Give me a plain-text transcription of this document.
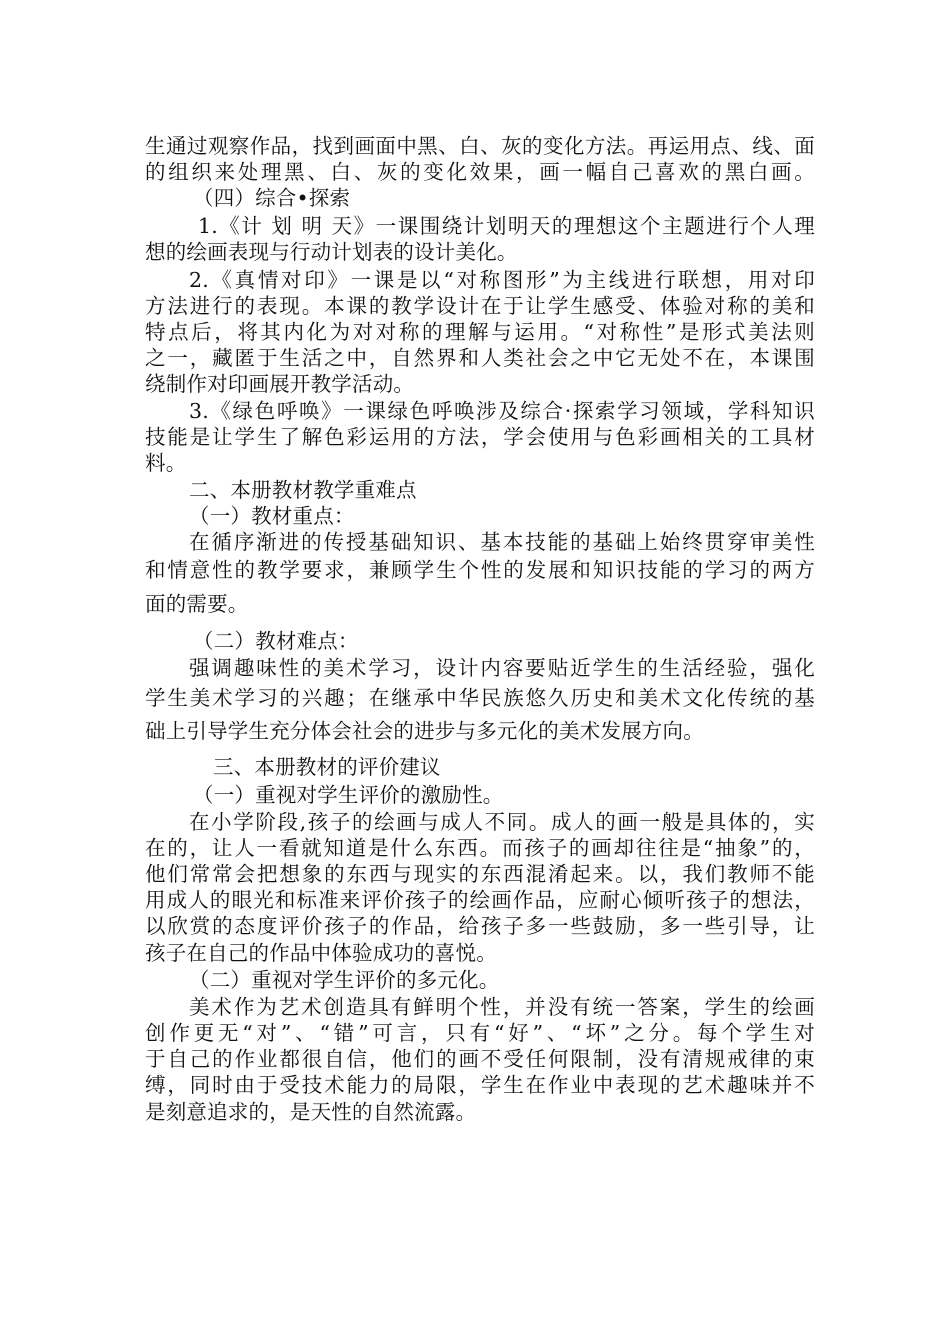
生通过观察作品，找到画面中黑、白、灰的变化方法。再运用点、线、面
的组织来处理黑、白、灰的变化效果，画一幅自己喜欢的黑白画。
（四）综合•探索
1.《计 划 明 天》一课围绕计划明天的理想这个主题进行个人理
想的绘画表现与行动计划表的设计美化。
2.《真情对印》一课是以“对称图形”为主线进行联想，用对印
方法进行的表现。本课的教学设计在于让学生感受、体验对称的美和
特点后，将其内化为对对称的理解与运用。“对称性”是形式美法则
之一，藏匿于生活之中，自然界和人类社会之中它无处不在，本课围
绕制作对印画展开教学活动。
3.《绿色呼唤》一课绿色呼唤涉及综合·探索学习领域，学科知识
技能是让学生了解色彩运用的方法，学会使用与色彩画相关的工具材
料。
二、本册教材教学重难点
（一）教材重点：
在循序渐进的传授基础知识、基本技能的基础上始终贯穿审美性
和情意性的教学要求，兼顾学生个性的发展和知识技能的学习的两方
面的需要。
（二）教材难点：
强调趣味性的美术学习，设计内容要贴近学生的生活经验，强化
学生美术学习的兴趣；在继承中华民族悠久历史和美术文化传统的基
础上引导学生充分体会社会的进步与多元化的美术发展方向。
三、本册教材的评价建议
（一）重视对学生评价的激励性。
在小学阶段,孩子的绘画与成人不同。成人的画一般是具体的，实
在的，让人一看就知道是什么东西。而孩子的画却往往是“抽象”的，
他们常常会把想象的东西与现实的东西混淆起来。以，我们教师不能
用成人的眼光和标准来评价孩子的绘画作品，应耐心倾听孩子的想法，
以欣赏的态度评价孩子的作品，给孩子多一些鼓励，多一些引导，让
孩子在自己的作品中体验成功的喜悦。
（二）重视对学生评价的多元化。
美术作为艺术创造具有鲜明个性，并没有统一答案，学生的绘画
创作更无“对”、“错”可言，只有“好”、“坏”之分。每个学生对
于自己的作业都很自信，他们的画不受任何限制，没有清规戒律的束
缚，同时由于受技术能力的局限，学生在作业中表现的艺术趣味并不
是刻意追求的，是天性的自然流露。
